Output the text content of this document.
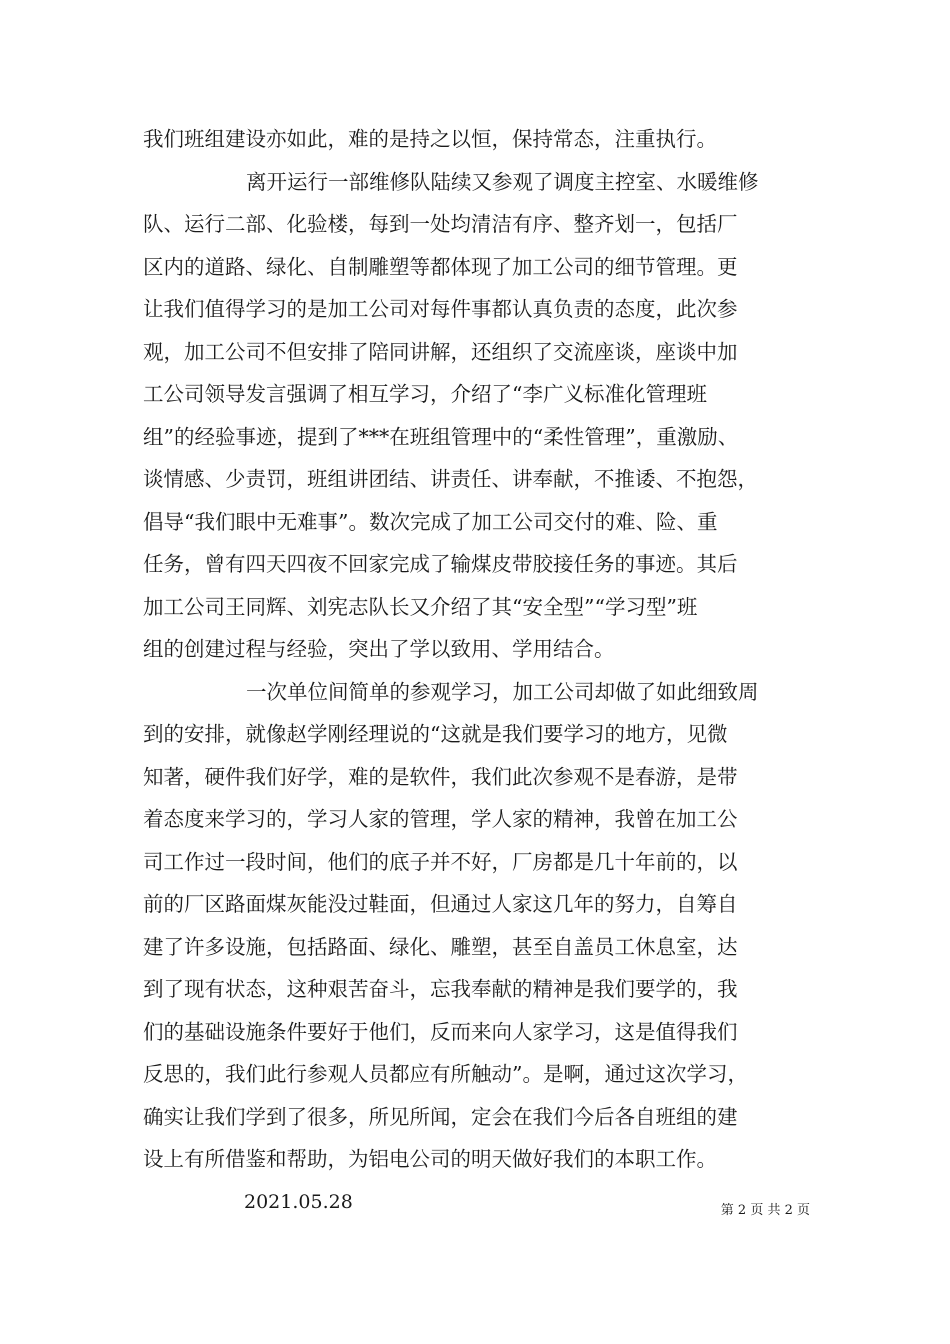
我们班组建设亦如此，难的是持之以恒，保持常态，注重执行。
离开运行一部维修队陆续又参观了调度主控室、水暖维修
队、运行二部、化验楼，每到一处均清洁有序、整齐划一，包括厂
区内的道路、绿化、自制雕塑等都体现了加工公司的细节管理。更
让我们值得学习的是加工公司对每件事都认真负责的态度，此次参
观，加工公司不但安排了陪同讲解，还组织了交流座谈，座谈中加
工公司领导发言强调了相互学习，介绍了“李广义标准化管理班
组”的经验事迹，提到了***在班组管理中的“柔性管理”，重激励、
谈情感、少责罚，班组讲团结、讲责任、讲奉献，不推诿、不抱怨，
倡导“我们眼中无难事”。数次完成了加工公司交付的难、险、重
任务，曾有四天四夜不回家完成了输煤皮带胶接任务的事迹。其后
加工公司王同辉、刘宪志队长又介绍了其“安全型”“学习型”班
组的创建过程与经验，突出了学以致用、学用结合。
一次单位间简单的参观学习，加工公司却做了如此细致周
到的安排，就像赵学刚经理说的“这就是我们要学习的地方，见微
知著，硬件我们好学，难的是软件，我们此次参观不是春游，是带
着态度来学习的，学习人家的管理，学人家的精神，我曾在加工公
司工作过一段时间，他们的底子并不好，厂房都是几十年前的，以
前的厂区路面煤灰能没过鞋面，但通过人家这几年的努力，自筹自
建了许多设施，包括路面、绿化、雕塑，甚至自盖员工休息室，达
到了现有状态，这种艰苦奋斗，忘我奉献的精神是我们要学的，我
们的基础设施条件要好于他们，反而来向人家学习，这是值得我们
反思的，我们此行参观人员都应有所触动”。是啊，通过这次学习，
确实让我们学到了很多，所见所闻，定会在我们今后各自班组的建
设上有所借鉴和帮助，为铝电公司的明天做好我们的本职工作。
2021.05.28	第 2 页 共 2 页
